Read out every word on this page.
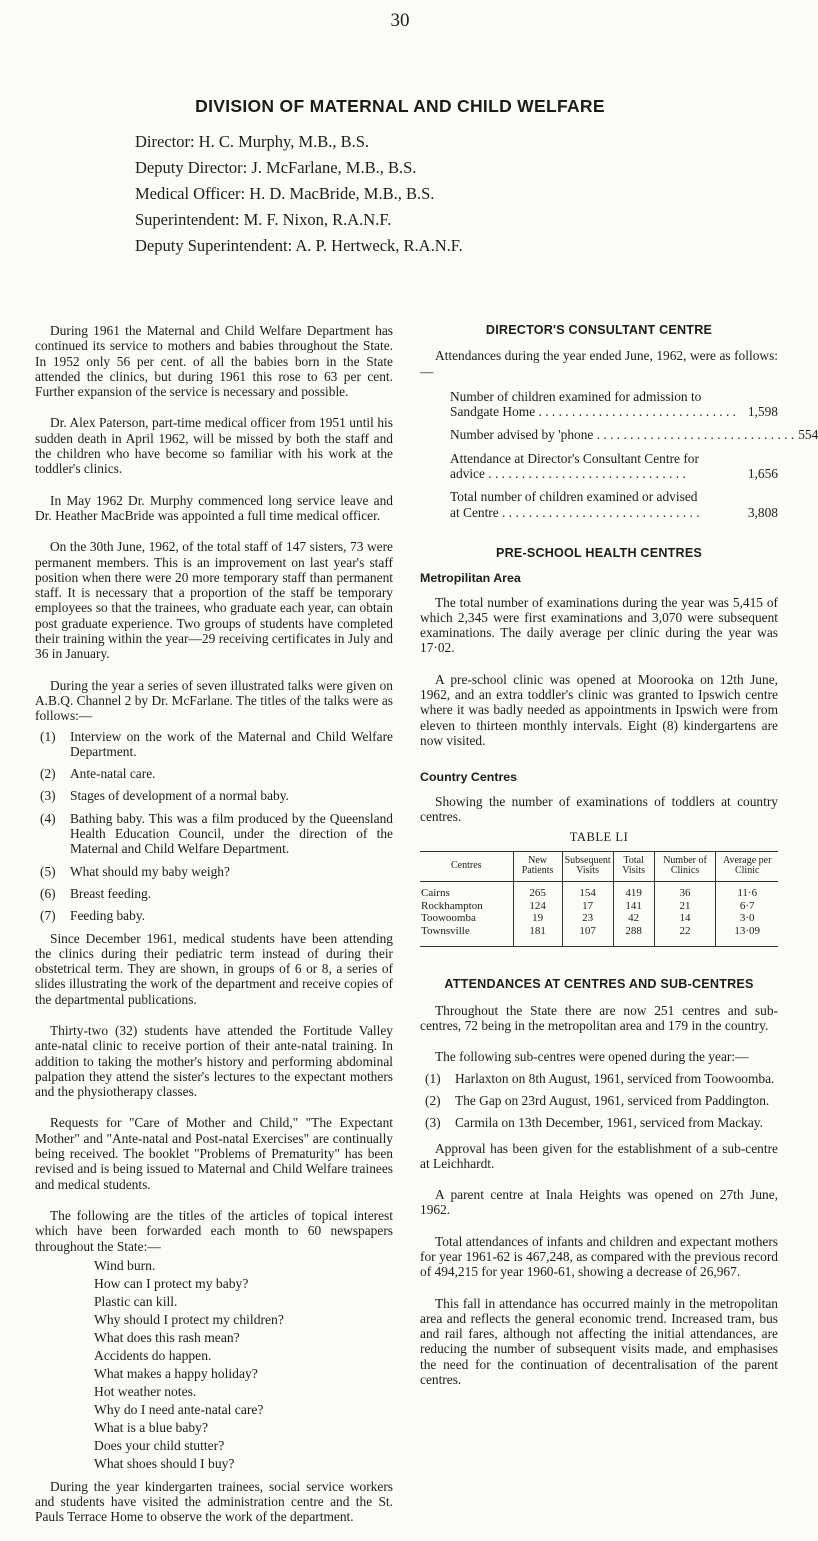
30
DIVISION OF MATERNAL AND CHILD WELFARE
Director: H. C. Murphy, M.B., B.S.
Deputy Director: J. McFarlane, M.B., B.S.
Medical Officer: H. D. MacBride, M.B., B.S.
Superintendent: M. F. Nixon, R.A.N.F.
Deputy Superintendent: A. P. Hertweck, R.A.N.F.

During 1961 the Maternal and Child Welfare Department has continued its service to mothers and babies throughout the State. In 1952 only 56 per cent. of all the babies born in the State attended the clinics, but during 1961 this rose to 63 per cent. Further expansion of the service is necessary and possible.

Dr. Alex Paterson, part-time medical officer from 1951 until his sudden death in April 1962, will be missed by both the staff and the children who have become so familiar with his work at the toddler's clinics.

In May 1962 Dr. Murphy commenced long service leave and Dr. Heather MacBride was appointed a full time medical officer.

On the 30th June, 1962, of the total staff of 147 sisters, 73 were permanent members. This is an improvement on last year's staff position when there were 20 more temporary staff than permanent staff. It is necessary that a proportion of the staff be temporary employees so that the trainees, who graduate each year, can obtain post graduate experience. Two groups of students have completed their training within the year—29 receiving certificates in July and 36 in January.

During the year a series of seven illustrated talks were given on A.B.Q. Channel 2 by Dr. McFarlane. The titles of the talks were as follows:—

(1)	Interview on the work of the Maternal and Child Welfare Department.
(2)	Ante-natal care.
(3)	Stages of development of a normal baby.
(4)	Bathing baby. This was a film produced by the Queensland Health Education Council, under the direction of the Maternal and Child Welfare Department.
(5)	What should my baby weigh?
(6)	Breast feeding.
(7)	Feeding baby.

Since December 1961, medical students have been attending the clinics during their pediatric term instead of during their obstetrical term. They are shown, in groups of 6 or 8, a series of slides illustrating the work of the department and receive copies of the departmental publications.

Thirty-two (32) students have attended the Fortitude Valley ante-natal clinic to receive portion of their ante-natal training. In addition to taking the mother's history and performing abdominal palpation they attend the sister's lectures to the expectant mothers and the physiotherapy classes.

Requests for "Care of Mother and Child," "The Expectant Mother" and "Ante-natal and Post-natal Exercises" are continually being received. The booklet "Problems of Prematurity" has been revised and is being issued to Maternal and Child Welfare trainees and medical students.

The following are the titles of the articles of topical interest which have been forwarded each month to 60 newspapers throughout the State:—

Wind burn.
How can I protect my baby?
Plastic can kill.
Why should I protect my children?
What does this rash mean?
Accidents do happen.
What makes a happy holiday?
Hot weather notes.
Why do I need ante-natal care?
What is a blue baby?
Does your child stutter?
What shoes should I buy?

During the year kindergarten trainees, social service workers and students have visited the administration centre and the St. Pauls Terrace Home to observe the work of the department.

DIRECTOR'S CONSULTANT CENTRE

Attendances during the year ended June, 1962, were as follows:—

Number of children examined for admission to
Sandgate Home . . . . . . . . . . . . . . . . . . . . . . . . . . . . . . 1,598
Number advised by 'phone . . . . . . . . . . . . . . . . . . . . . . . . . . . . . . 554
Attendance at Director's Consultant Centre for
advice . . . . . . . . . . . . . . . . . . . . . . . . . . . . . .	1,656
Total number of children examined or advised
at Centre . . . . . . . . . . . . . . . . . . . . . . . . . . . . . .	3,808
PRE-SCHOOL HEALTH CENTRES
Metropilitan Area

The total number of examinations during the year was 5,415 of which 2,345 were first examinations and 3,070 were subsequent examinations. The daily average per clinic during the year was 17·02.

A pre-school clinic was opened at Moorooka on 12th June, 1962, and an extra toddler's clinic was granted to Ipswich centre where it was badly needed as appointments in Ipswich were from eleven to thirteen monthly intervals. Eight (8) kindergartens are now visited.

Country Centres

Showing the number of examinations of toddlers at country centres.

TABLE LI
Centres	New Patients	Subsequent Visits	Total Visits	Number of Clinics	Average per Clinic
Cairns	265	154	419	36	11·6
Rockhampton	124	17	141	21	6·7
Toowoomba	19	23	42	14	3·0
Townsville	181	107	288	22	13·09
ATTENDANCES AT CENTRES AND SUB-CENTRES

Throughout the State there are now 251 centres and sub-centres, 72 being in the metropolitan area and 179 in the country.

The following sub-centres were opened during the year:—

(1)	Harlaxton on 8th August, 1961, serviced from Toowoomba.
(2)	The Gap on 23rd August, 1961, serviced from Paddington.
(3)	Carmila on 13th December, 1961, serviced from Mackay.

Approval has been given for the establishment of a sub-centre at Leichhardt.

A parent centre at Inala Heights was opened on 27th June, 1962.

Total attendances of infants and children and expectant mothers for year 1961-62 is 467,248, as compared with the previous record of 494,215 for year 1960-61, showing a decrease of 26,967.

This fall in attendance has occurred mainly in the metropolitan area and reflects the general economic trend. Increased tram, bus and rail fares, although not affecting the initial attendances, are reducing the number of subsequent visits made, and emphasises the need for the continuation of decentralisation of the parent centres.
